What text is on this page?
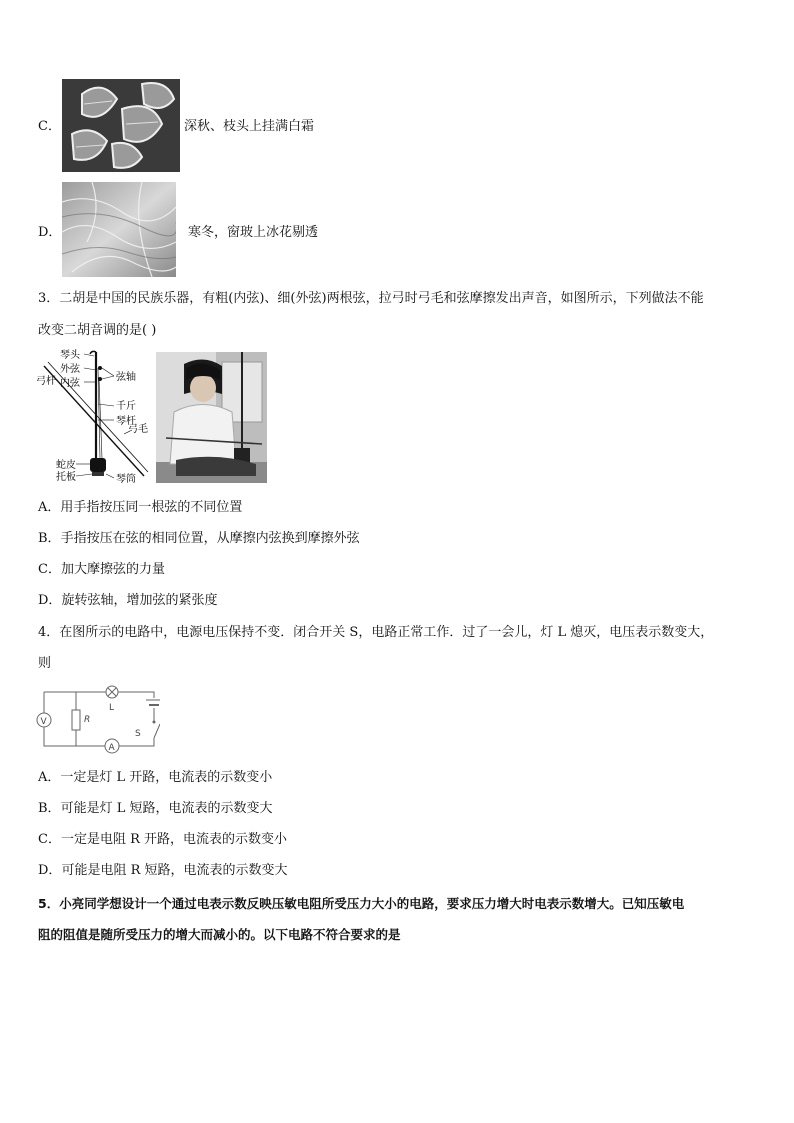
C．	深秋、枝头上挂满白霜
D．	寒冬，窗玻上冰花剔透
3．二胡是中国的民族乐器，有粗(内弦)、细(外弦)两根弦，拉弓时弓毛和弦摩擦发出声音，如图所示，下列做法不能
改变二胡音调的是( )
琴头
外弦
内弦
弦轴
弓杆
千斤
琴杆
弓毛
蛇皮
托板	琴筒
A．用手指按压同一根弦的不同位置
B．手指按压在弦的相同位置，从摩擦内弦换到摩擦外弦
C．加大摩擦弦的力量
D．旋转弦轴，增加弦的紧张度
4．在图所示的电路中，电源电压保持不变．闭合开关 S，电路正常工作．过了一会儿，灯 L 熄灭，电压表示数变大，
则
V	R
L
A
S
A．一定是灯 L 开路，电流表的示数变小
B．可能是灯 L 短路，电流表的示数变大
C．一定是电阻 R 开路，电流表的示数变小
D．可能是电阻 R 短路，电流表的示数变大
5．小亮同学想设计一个通过电表示数反映压敏电阻所受压力大小的电路，要求压力增大时电表示数增大。已知压敏电
阻的阻值是随所受压力的增大而减小的。以下电路不符合要求的是
